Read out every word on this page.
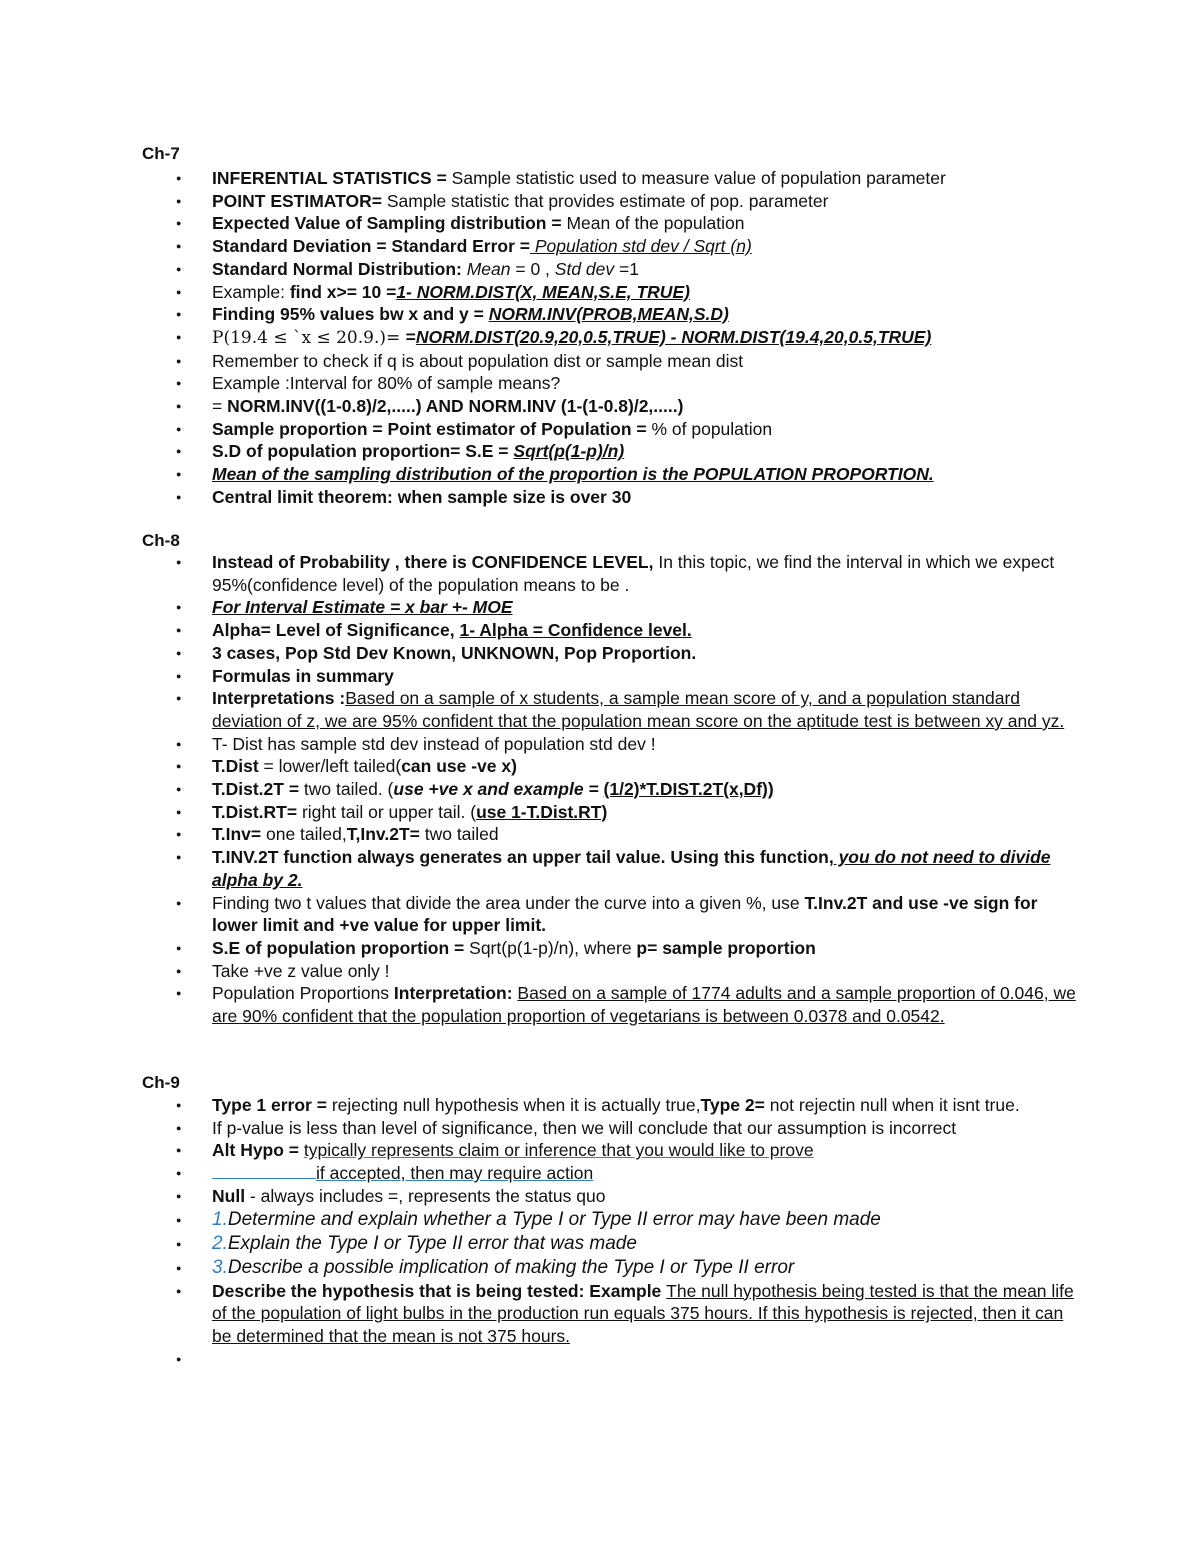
Ch-7
● INFERENTIAL STATISTICS = Sample statistic used to measure value of population parameter
● POINT ESTIMATOR= Sample statistic that provides estimate of pop. parameter
● Expected Value of Sampling distribution = Mean of the population
● Standard Deviation = Standard Error = Population std dev / Sqrt (n)
● Standard Normal Distribution: Mean = 0 , Std dev =1
● Example: find x>= 10 =1- NORM.DIST(X, MEAN,S.E, TRUE)
● Finding 95% values bw x and y = NORM.INV(PROB,MEAN,S.D)
● P(19.4 ≤ `x ≤ 20.9.)= =NORM.DIST(20.9,20,0.5,TRUE) - NORM.DIST(19.4,20,0.5,TRUE)
● Remember to check if q is about population dist or sample mean dist
● Example :Interval for 80% of sample means?
● = NORM.INV((1-0.8)/2,.....) AND NORM.INV (1-(1-0.8)/2,.....)
● Sample proportion = Point estimator of Population = % of population
● S.D of population proportion= S.E = Sqrt(p(1-p)/n)
● Mean of the sampling distribution of the proportion is the POPULATION PROPORTION.
● Central limit theorem: when sample size is over 30
Ch-8
● Instead of Probability , there is CONFIDENCE LEVEL, In this topic, we find the interval in which we expect 95%(confidence level) of the population means to be .
● For Interval Estimate = x bar +- MOE
● Alpha= Level of Significance, 1- Alpha = Confidence level.
● 3 cases, Pop Std Dev Known, UNKNOWN, Pop Proportion.
● Formulas in summary
● Interpretations :Based on a sample of x students, a sample mean score of y, and a population standard deviation of z, we are 95% confident that the population mean score on the aptitude test is between xy and yz.
● T- Dist has sample std dev instead of population std dev !
● T.Dist = lower/left tailed(can use -ve x)
● T.Dist.2T = two tailed. (use +ve x and example = (1/2)*T.DIST.2T(x,Df))
● T.Dist.RT= right tail or upper tail. (use 1-T.Dist.RT)
● T.Inv= one tailed,T,Inv.2T= two tailed
● T.INV.2T function always generates an upper tail value. Using this function, you do not need to divide alpha by 2.
● Finding two t values that divide the area under the curve into a given %, use T.Inv.2T and use -ve sign for lower limit and +ve value for upper limit.
● S.E of population proportion = Sqrt(p(1-p)/n), where p= sample proportion
● Take +ve z value only !
● Population Proportions Interpretation: Based on a sample of 1774 adults and a sample proportion of 0.046, we are 90% confident that the population proportion of vegetarians is between 0.0378 and 0.0542.
Ch-9
● Type 1 error = rejecting null hypothesis when it is actually true,Type 2= not rejectin null when it isnt true.
● If p-value is less than level of significance, then we will conclude that our assumption is incorrect
● Alt Hypo = typically represents claim or inference that you would like to prove
● if accepted, then may require action
● Null - always includes =, represents the status quo
● 1.Determine and explain whether a Type I or Type II error may have been made
● 2.Explain the Type I or Type II error that was made
● 3.Describe a possible implication of making the Type I or Type II error
● Describe the hypothesis that is being tested: Example The null hypothesis being tested is that the mean life of the population of light bulbs in the production run equals 375 hours. If this hypothesis is rejected, then it can be determined that the mean is not 375 hours.
●
